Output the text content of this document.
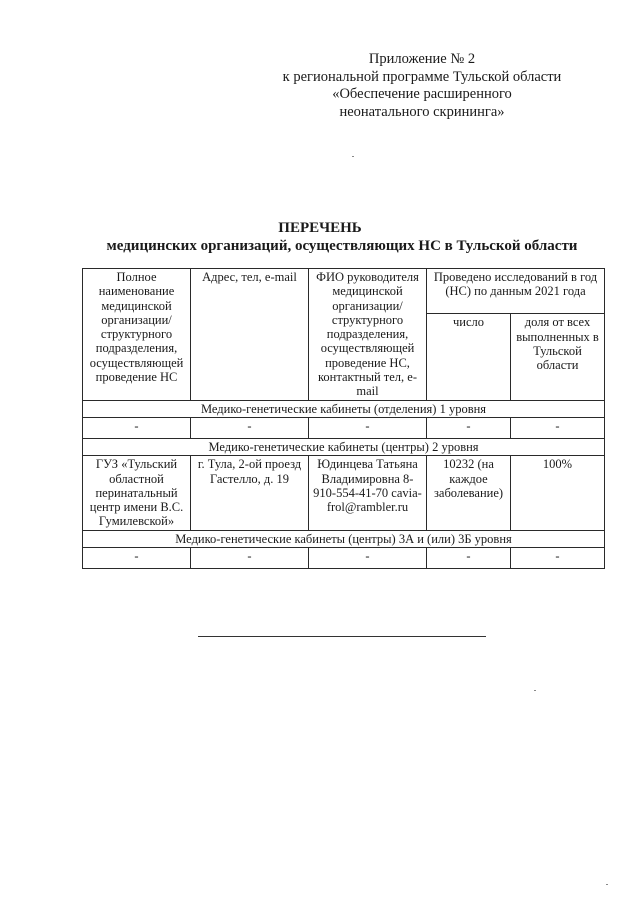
Приложение № 2
к региональной программе Тульской области
«Обеспечение расширенного
неонатального скрининга»
ПЕРЕЧЕНЬ
медицинских организаций, осуществляющих НС в Тульской области
Полное наименование медицинской организации/ структурного подразделения, осуществляющей проведение НС	Адрес, тел, e-mail	ФИО руководителя медицинской организации/ структурного подразделения, осуществляющей проведение НС, контактный тел, e-mail	Проведено исследований в год (НС) по данным 2021 года	
			число	доля от всех выполненных в Тульской области
Медико-генетические кабинеты (отделения) 1 уровня				
-	-	-	-	-
Медико-генетические кабинеты (центры) 2 уровня				
ГУЗ «Тульский областной перинатальный центр имени В.С. Гумилевской»	г. Тула, 2-ой проезд Гастелло, д. 19	Юдинцева Татьяна Владимировна 8-910-554-41-70 cavia-frol@rambler.ru	10232 (на каждое заболевание)	100%
Медико-генетические кабинеты (центры) 3А и (или) 3Б уровня				
-	-	-	-	-
